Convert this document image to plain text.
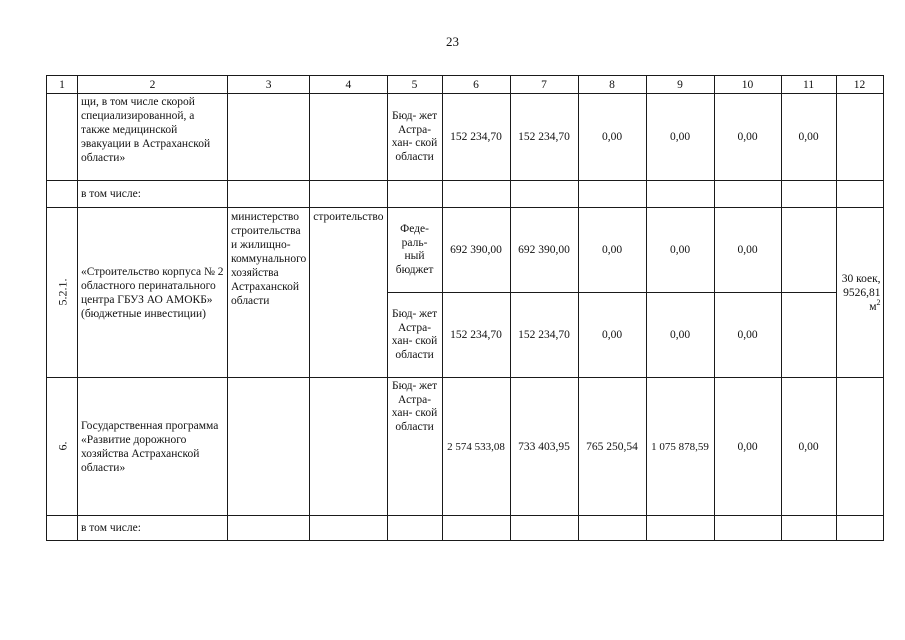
23
1	2	3	4	5	6	7	8	9	10	11	12
	щи, в том числе скорой специализированной, а также медицинской эвакуации в Астраханской области»			Бюд- жет Астра- хан- ской области	152 234,70	152 234,70	0,00	0,00	0,00	0,00	
	в том числе:										
5.2.1.	«Строительство корпуса № 2 областного перинатального центра ГБУЗ АО АМОКБ» (бюджетные инвестиции)	министерство строительства и жилищно-коммунального хозяйства Астраханской области	строительство	Феде- раль- ный бюджет	692 390,00	692 390,00	0,00	0,00	0,00		30 коек,
9526,81
$м^2$

				Бюд- жет Астра- хан- ской области	152 234,70	152 234,70	0,00	0,00	0,00		
6.	Государственная программа «Развитие дорожного хозяйства Астраханской области»			Бюд- жет Астра- хан- ской области	2 574 533,08	733 403,95	765 250,54	1 075 878,59	0,00	0,00	
	в том числе:										
